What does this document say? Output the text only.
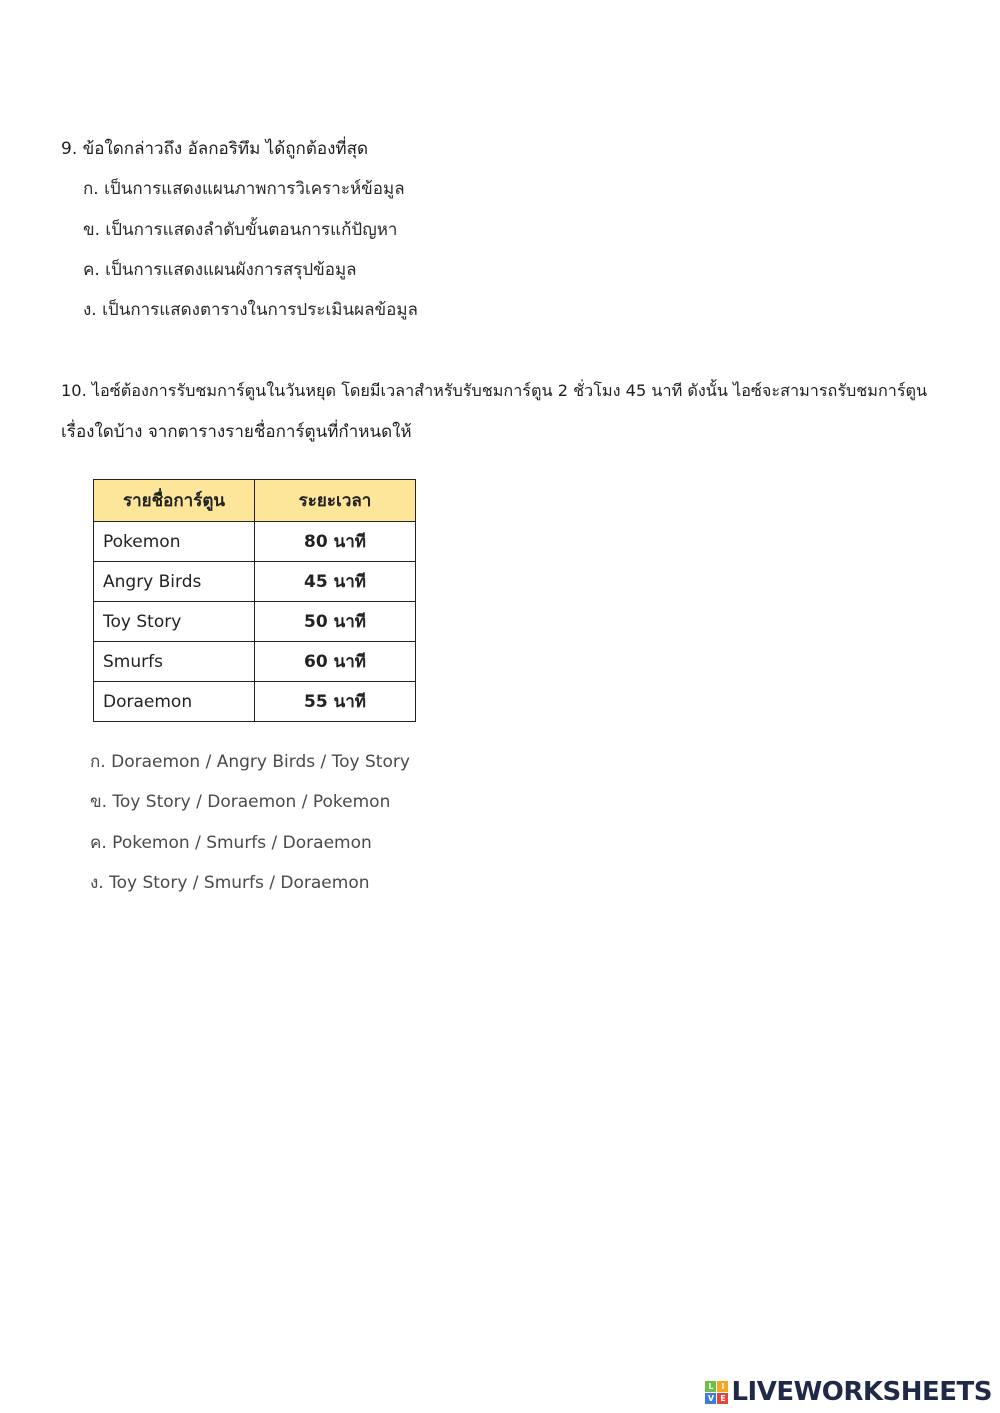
9. ข้อใดกล่าวถึง อัลกอริทึม ได้ถูกต้องที่สุด
ก. เป็นการแสดงแผนภาพการวิเคราะห์ข้อมูล
ข. เป็นการแสดงลำดับขั้นตอนการแก้ปัญหา
ค. เป็นการแสดงแผนผังการสรุปข้อมูล
ง. เป็นการแสดงตารางในการประเมินผลข้อมูล
10. ไอซ์ต้องการรับชมการ์ตูนในวันหยุด โดยมีเวลาสำหรับรับชมการ์ตูน 2 ชั่วโมง 45 นาที ดังนั้น ไอซ์จะสามารถรับชมการ์ตูน
เรื่องใดบ้าง จากตารางรายชื่อการ์ตูนที่กำหนดให้
รายชื่อการ์ตูน	ระยะเวลา
Pokemon	80 นาที
Angry Birds	45 นาที
Toy Story	50 นาที
Smurfs	60 นาที
Doraemon	55 นาที
ก. Doraemon / Angry Birds / Toy Story
ข. Toy Story / Doraemon / Pokemon
ค. Pokemon / Smurfs / Doraemon
ง. Toy Story / Smurfs / Doraemon
L I
V E LIVEWORKSHEETS
